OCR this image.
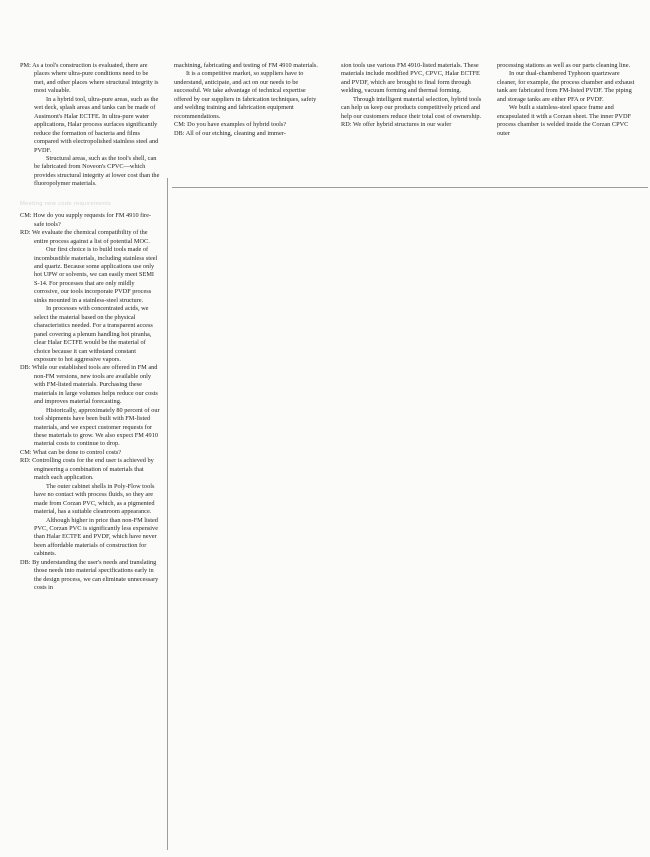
PM: As a tool's construction is evaluated, there are places where ultra-pure conditions need to be met, and other places where structural integrity is most valuable.

In a hybrid tool, ultra-pure areas, such as the wet deck, splash areas and tanks can be made of Ausimont's Halar ECTFE. In ultra-pure water applications, Halar process surfaces significantly reduce the formation of bacteria and films compared with electropolished stainless steel and PVDF.

Structural areas, such as the tool's shell, can be fabricated from Noveon's CPVC—which provides structural integrity at lower cost than the fluoropolymer materials.

Meeting new code requirements

CM: How do you supply requests for FM 4910 fire-safe tools?

RD: We evaluate the chemical compatibility of the entire process against a list of potential MOC.

Our first choice is to build tools made of incombustible materials, including stainless steel and quartz. Because some applications use only hot UPW or solvents, we can easily meet SEMI S-14. For processes that are only mildly corrosive, our tools incorporate PVDF process sinks mounted in a stainless-steel structure.

In processes with concentrated acids, we select the material based on the physical characteristics needed. For a transparent access panel covering a plenum handling hot piranha, clear Halar ECTFE would be the material of choice because it can withstand constant exposure to hot aggressive vapors.

DB: While our established tools are offered in FM and non-FM versions, new tools are available only with FM-listed materials. Purchasing these materials in large volumes helps reduce our costs and improves material forecasting.

Historically, approximately 80 percent of our tool shipments have been built with FM-listed materials, and we expect customer requests for these materials to grow. We also expect FM 4910 material costs to continue to drop.

CM: What can be done to control costs?

RD: Controlling costs for the end user is achieved by engineering a combination of materials that match each application.

The outer cabinet shells in Poly-Flow tools have no contact with process fluids, so they are made from Corzan PVC, which, as a pigmented material, has a suitable cleanroom appearance.

Although higher in price than non-FM listed PVC, Corzan PVC is significantly less expensive than Halar ECTFE and PVDF, which have never been affordable materials of construction for cabinets.

DB: By understanding the user's needs and translating those needs into material specifications early in the design process, we can eliminate unnecessary costs in

machining, fabricating and testing of FM 4910 materials.

It is a competitive market, so suppliers have to understand, anticipate, and act on our needs to be successful. We take advantage of technical expertise offered by our suppliers in fabrication techniques, safety and welding training and fabrication equipment recommendations.

CM: Do you have examples of hybrid tools?

DB: All of our etching, cleaning and immer-

sion tools use various FM 4910-listed materials. These materials include modified PVC, CPVC, Halar ECTFE and PVDF, which are brought to final form through welding, vacuum forming and thermal forming.

Through intelligent material selection, hybrid tools can help us keep our products competitively priced and help our customers reduce their total cost of ownership.

RD: We offer hybrid structures in our wafer

processing stations as well as our parts cleaning line.

In our dual-chambered Typhoon quartzware cleaner, for example, the process chamber and exhaust tank are fabricated from FM-listed PVDF. The piping and storage tanks are either PFA or PVDF.

We built a stainless-steel space frame and encapsulated it with a Corzan sheet. The inner PVDF process chamber is welded inside the Corzan CPVC outer
